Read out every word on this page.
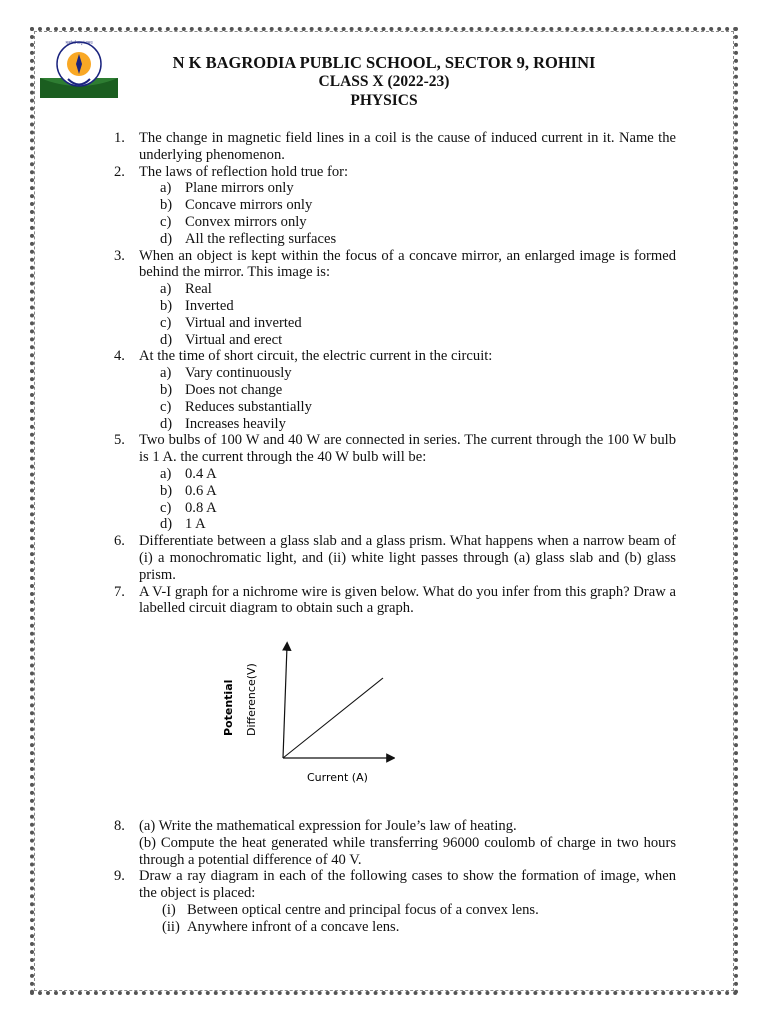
मृत्योर्मा अमृतं गमय
N K BAGRODIA PUBLIC SCHOOL, SECTOR 9, ROHINI
CLASS X (2022-23)
PHYSICS
1. The change in magnetic field lines in a coil is the cause of induced current in it. Name the underlying phenomenon.
2. The laws of reflection hold true for:
a) Plane mirrors only
b) Concave mirrors only
c) Convex mirrors only
d) All the reflecting surfaces
3. When an object is kept within the focus of a concave mirror, an enlarged image is formed behind the mirror. This image is:
a) Real
b) Inverted
c) Virtual and inverted
d) Virtual and erect
4. At the time of short circuit, the electric current in the circuit:
a) Vary continuously
b) Does not change
c) Reduces substantially
d) Increases heavily
5. Two bulbs of 100 W and 40 W are connected in series. The current through the 100 W bulb is 1 A. the current through the 40 W bulb will be:
a) 0.4 A
b) 0.6 A
c) 0.8 A
d) 1 A
6. Differentiate between a glass slab and a glass prism. What happens when a narrow beam of (i) a monochromatic light, and (ii) white light passes through (a) glass slab and (b) glass prism.
7. A V-I graph for a nichrome wire is given below. What do you infer from this graph? Draw a labelled circuit diagram to obtain such a graph.
Current (A)
Potential Difference(V)
8. (a) Write the mathematical expression for Joule’s law of heating.
(b) Compute the heat generated while transferring 96000 coulomb of charge in two hours through a potential difference of 40 V.
9. Draw a ray diagram in each of the following cases to show the formation of image, when the object is placed:
(i) Between optical centre and principal focus of a convex lens.
(ii) Anywhere infront of a concave lens.
